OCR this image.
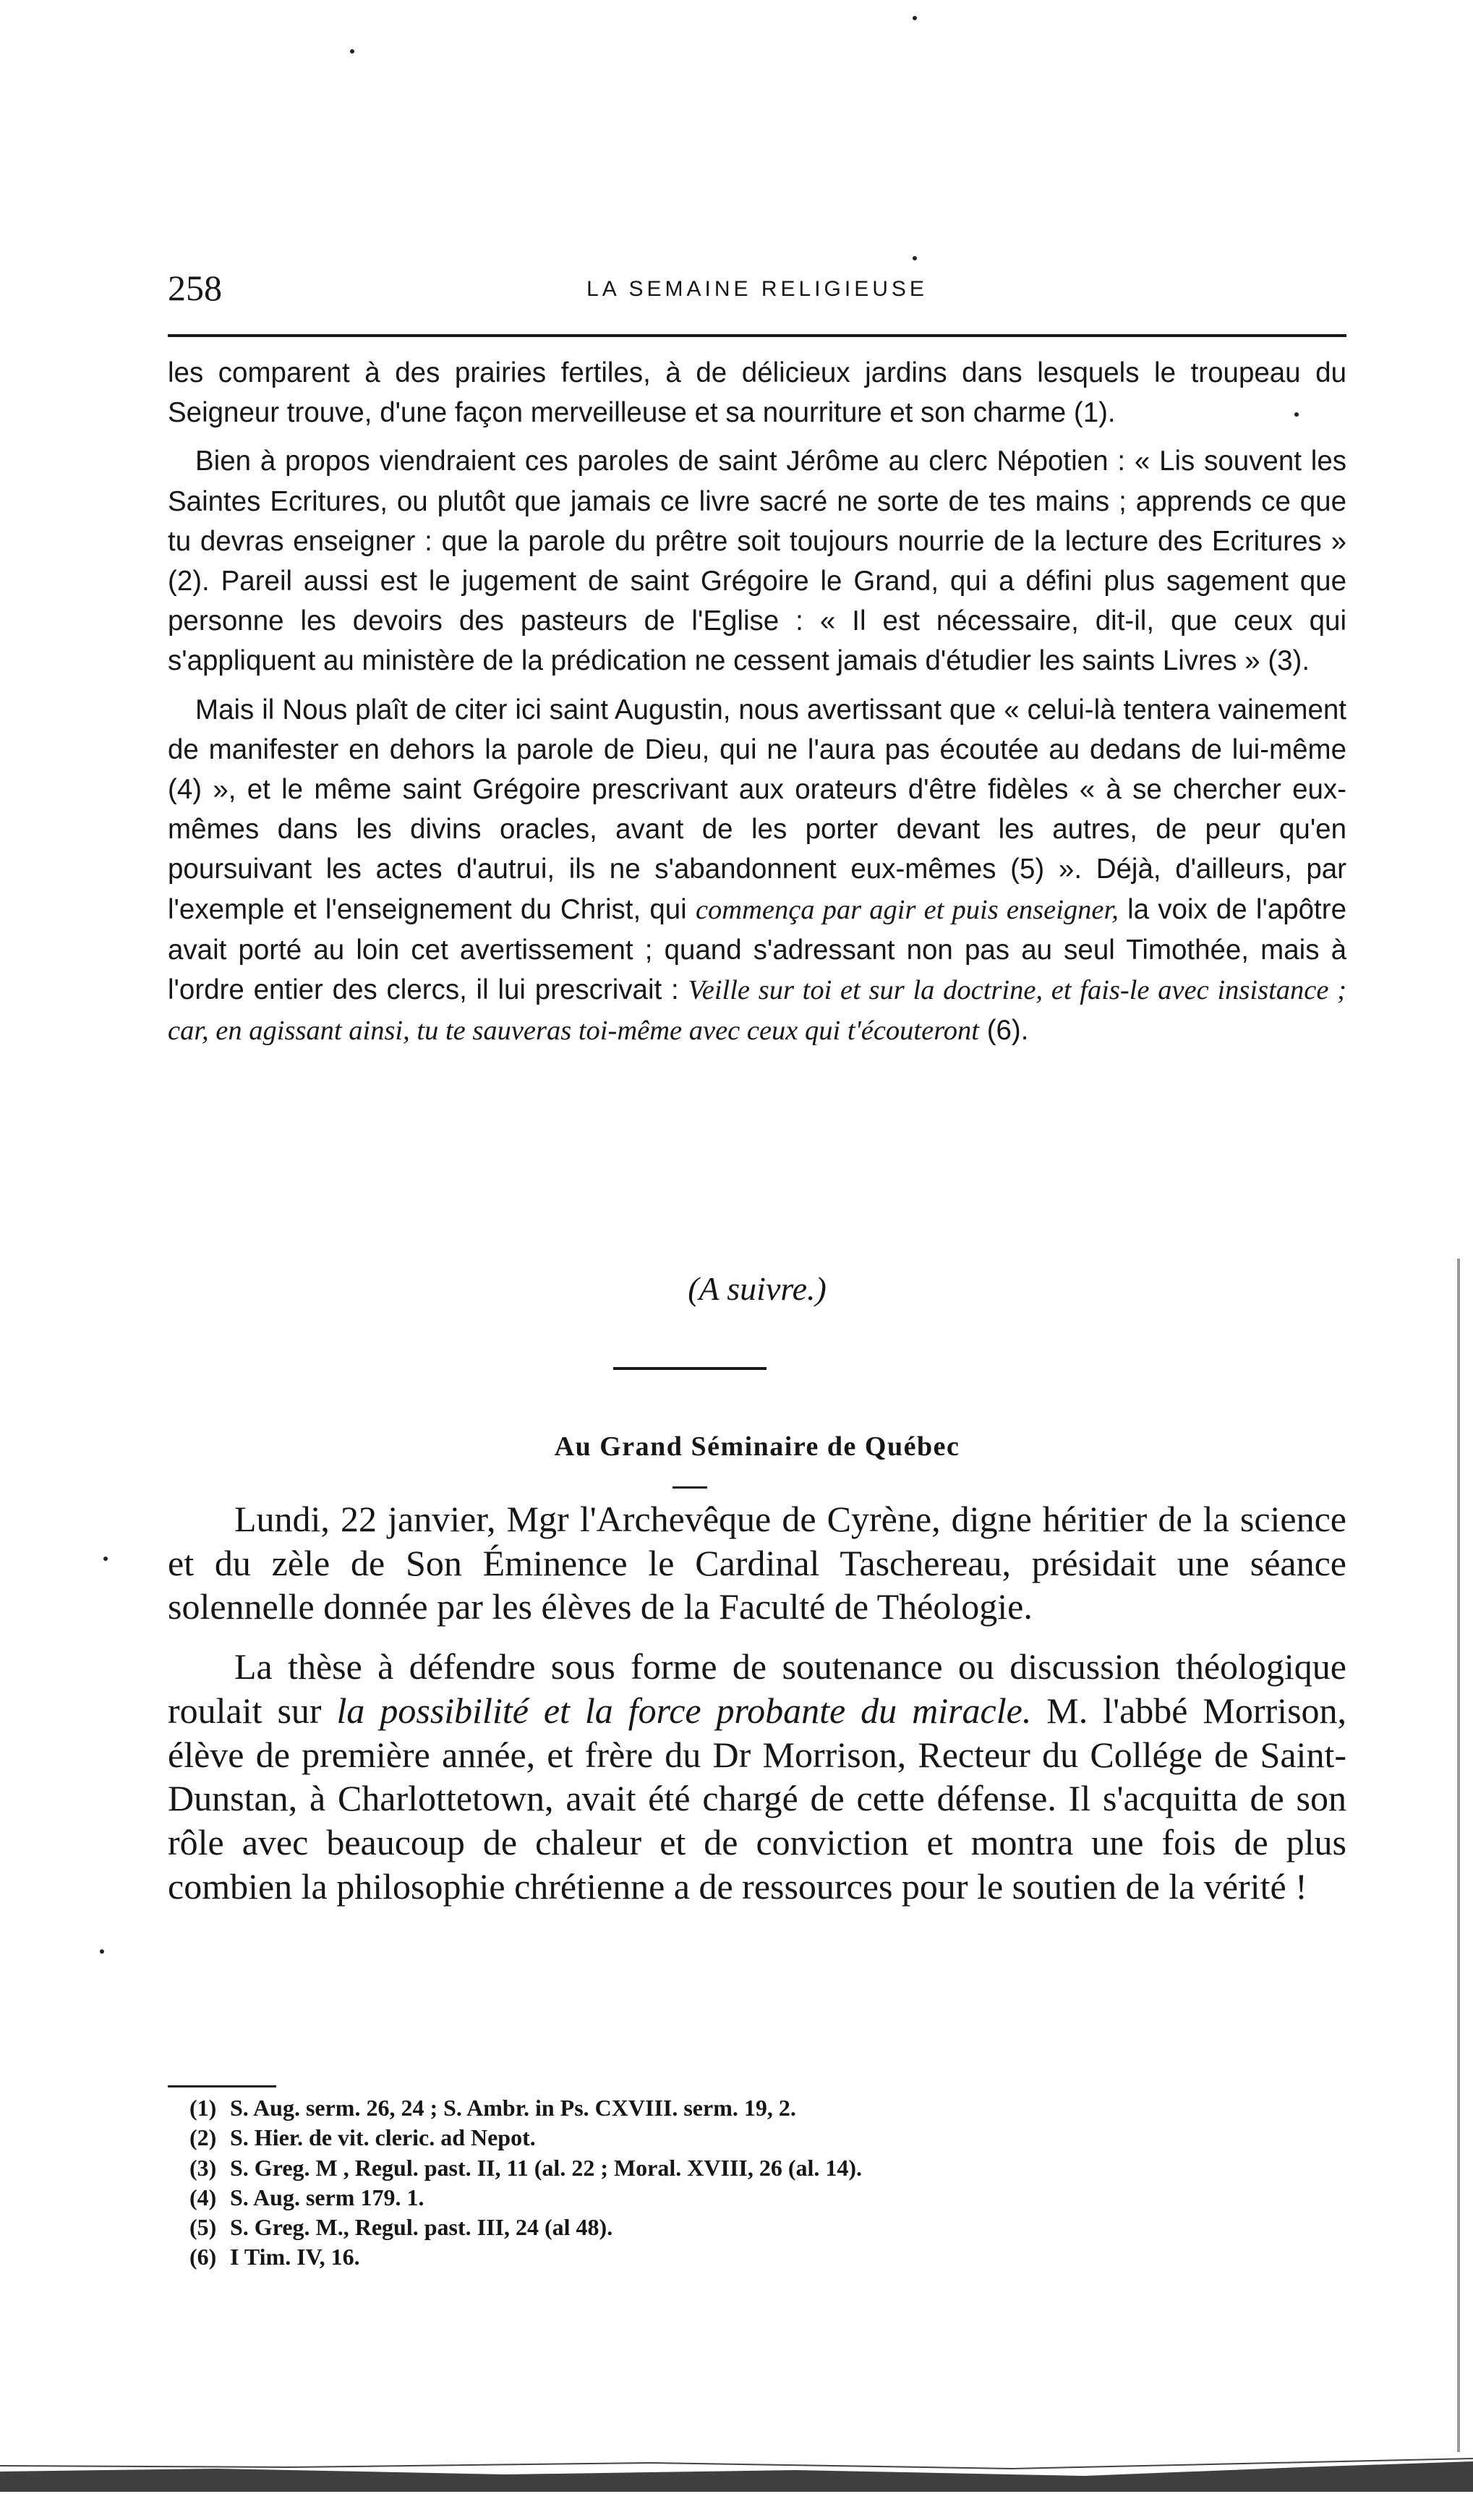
258	LA SEMAINE RELIGIEUSE

les comparent à des prairies fertiles, à de délicieux jardins dans lesquels le troupeau du Seigneur trouve, d'une façon merveilleuse et sa nourriture et son charme (1).

Bien à propos viendraient ces paroles de saint Jérôme au clerc Népotien : « Lis souvent les Saintes Ecritures, ou plutôt que jamais ce livre sacré ne sorte de tes mains ; apprends ce que tu devras enseigner : que la parole du prêtre soit toujours nourrie de la lecture des Ecritures » (2). Pareil aussi est le jugement de saint Grégoire le Grand, qui a défini plus sagement que personne les devoirs des pasteurs de l'Eglise : « Il est nécessaire, dit-il, que ceux qui s'appliquent au ministère de la prédication ne cessent jamais d'étudier les saints Livres » (3).

Mais il Nous plaît de citer ici saint Augustin, nous avertissant que « celui-là tentera vainement de manifester en dehors la parole de Dieu, qui ne l'aura pas écoutée au dedans de lui-même (4) », et le même saint Grégoire prescrivant aux orateurs d'être fidèles « à se chercher eux-mêmes dans les divins oracles, avant de les porter devant les autres, de peur qu'en poursuivant les actes d'autrui, ils ne s'abandonnent eux-mêmes (5) ». Déjà, d'ailleurs, par l'exemple et l'enseignement du Christ, qui commença par agir et puis enseigner, la voix de l'apôtre avait porté au loin cet avertissement ; quand s'adressant non pas au seul Timothée, mais à l'ordre entier des clercs, il lui prescrivait : Veille sur toi et sur la doctrine, et fais-le avec insistance ; car, en agissant ainsi, tu te sauveras toi-même avec ceux qui t'écouteront (6).

(A suivre.)
Au Grand Séminaire de Québec

Lundi, 22 janvier, Mgr l'Archevêque de Cyrène, digne héritier de la science et du zèle de Son Éminence le Cardinal Taschereau, présidait une séance solennelle donnée par les élèves de la Faculté de Théologie.

La thèse à défendre sous forme de soutenance ou discussion théologique roulait sur la possibilité et la force probante du miracle. M. l'abbé Morrison, élève de première année, et frère du Dr Morrison, Recteur du Collége de Saint-Dunstan, à Charlottetown, avait été chargé de cette défense. Il s'acquitta de son rôle avec beaucoup de chaleur et de conviction et montra une fois de plus combien la philosophie chrétienne a de ressources pour le soutien de la vérité !

(1) S. Aug. serm. 26, 24 ; S. Ambr. in Ps. CXVIII. serm. 19, 2.
(2) S. Hier. de vit. cleric. ad Nepot.
(3) S. Greg. M , Regul. past. II, 11 (al. 22 ; Moral. XVIII, 26 (al. 14).
(4) S. Aug. serm 179. 1.
(5) S. Greg. M., Regul. past. III, 24 (al 48).
(6) I Tim. IV, 16.
